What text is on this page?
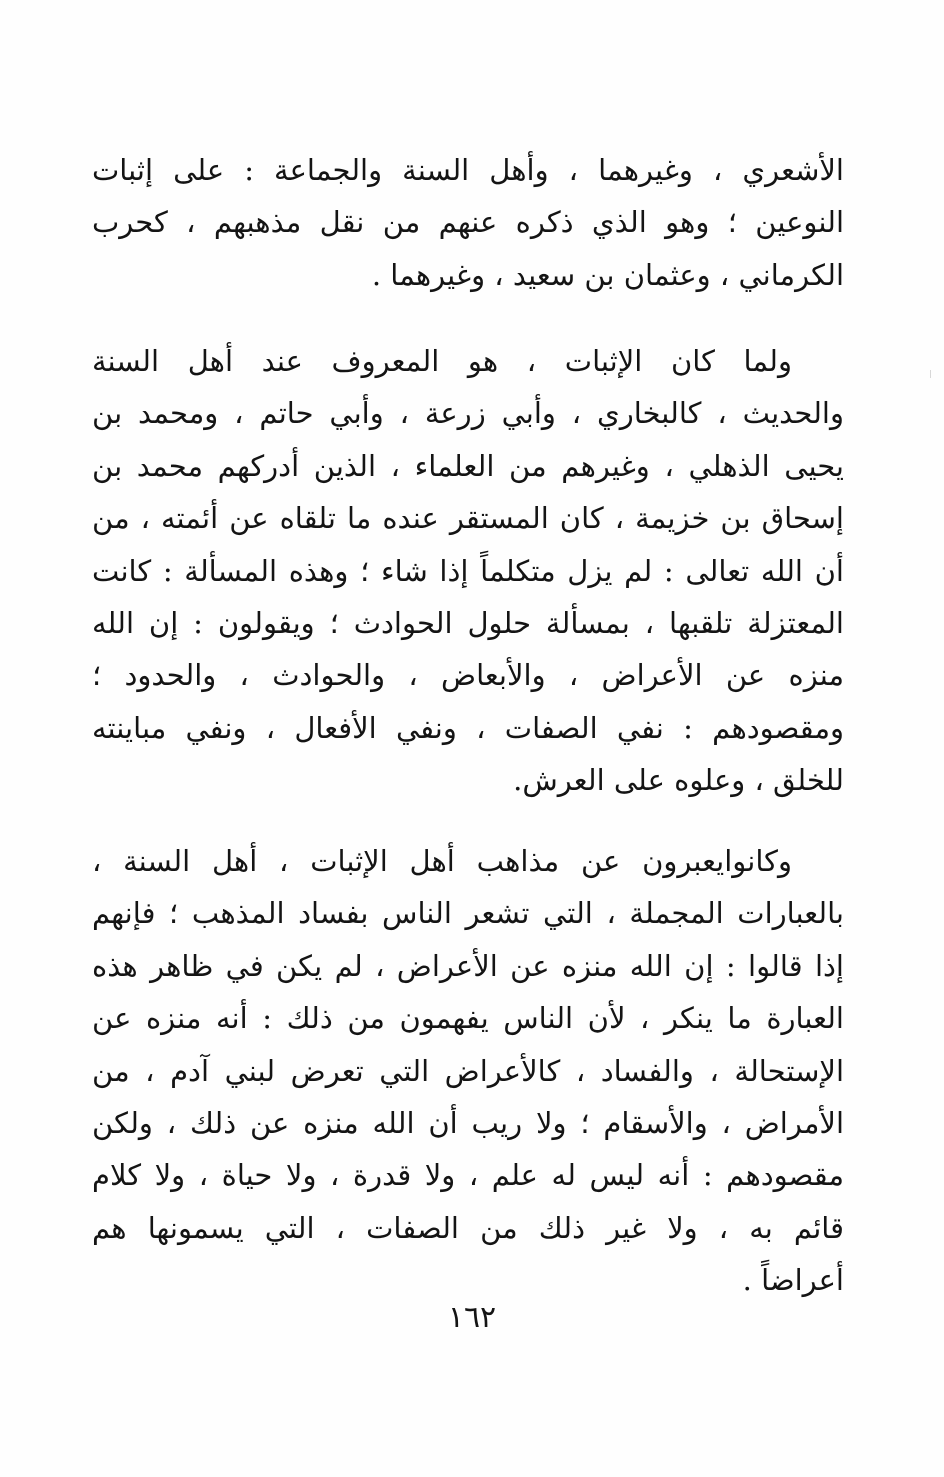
الأشعري ، وغيرهما ، وأهل السنة والجماعة : على إثبات
النوعين ؛ وهو الذي ذكره عنهم من نقل مذهبهم ، كحرب
الكرماني ، وعثمان بن سعيد ، وغيرهما .
ولما كان الإثبات ، هو المعروف عند أهل السنة
والحديث ، كالبخاري ، وأبي زرعة ، وأبي حاتم ، ومحمد بن
يحيى الذهلي ، وغيرهم من العلماء ، الذين أدركهم محمد بن
إسحاق بن خزيمة ، كان المستقر عنده ما تلقاه عن أئمته ، من
أن الله تعالى : لم يزل متكلماً إذا شاء ؛ وهذه المسألة : كانت
المعتزلة تلقبها ، بمسألة حلول الحوادث ؛ ويقولون : إن الله
منزه عن الأعراض ، والأبعاض ، والحوادث ، والحدود ؛
ومقصودهم : نفي الصفات ، ونفي الأفعال ، ونفي مباينته
للخلق ، وعلوه على العرش.
وكانوايعبرون عن مذاهب أهل الإثبات ، أهل السنة ،
بالعبارات المجملة ، التي تشعر الناس بفساد المذهب ؛ فإنهم
إذا قالوا : إن الله منزه عن الأعراض ، لم يكن في ظاهر هذه
العبارة ما ينكر ، لأن الناس يفهمون من ذلك : أنه منزه عن
الإستحالة ، والفساد ، كالأعراض التي تعرض لبني آدم ، من
الأمراض ، والأسقام ؛ ولا ريب أن الله منزه عن ذلك ، ولكن
مقصودهم : أنه ليس له علم ، ولا قدرة ، ولا حياة ، ولا كلام
قائم به ، ولا غير ذلك من الصفات ، التي يسمونها هم
أعراضاً .
١٦٢
